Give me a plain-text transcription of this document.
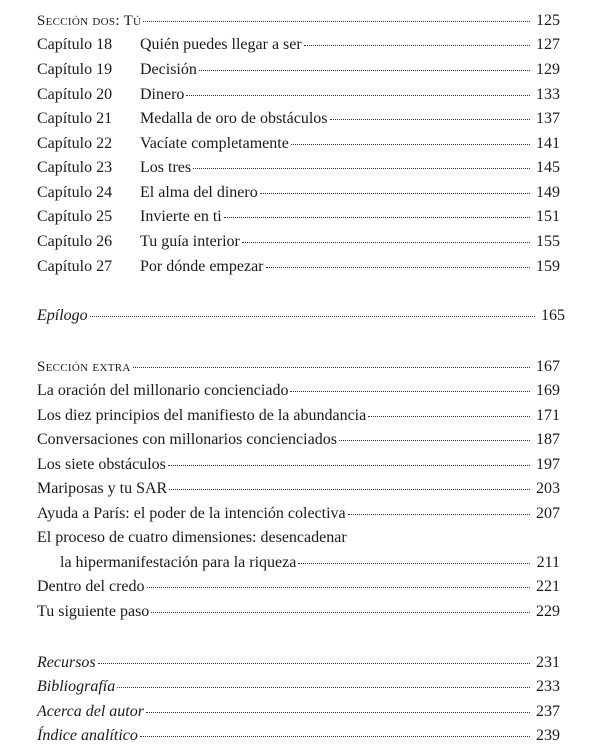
Sección dos: Tú	125
Capítulo 18	Quién puedes llegar a ser	127
Capítulo 19	Decisión	129
Capítulo 20	Dinero	133
Capítulo 21	Medalla de oro de obstáculos	137
Capítulo 22	Vacíate completamente	141
Capítulo 23	Los tres	145
Capítulo 24	El alma del dinero	149
Capítulo 25	Invierte en ti	151
Capítulo 26	Tu guía interior	155
Capítulo 27	Por dónde empezar	159
Epílogo	165
Sección extra	167
La oración del millonario concienciado	169
Los diez principios del manifiesto de la abundancia	171
Conversaciones con millonarios concienciados	187
Los siete obstáculos	197
Mariposas y tu SAR	203
Ayuda a París: el poder de la intención colectiva	207
El proceso de cuatro dimensiones: desencadenar
la hipermanifestación para la riqueza	211
Dentro del credo	221
Tu siguiente paso	229
Recursos	231
Bibliografía	233
Acerca del autor	237
Índice analítico	239
